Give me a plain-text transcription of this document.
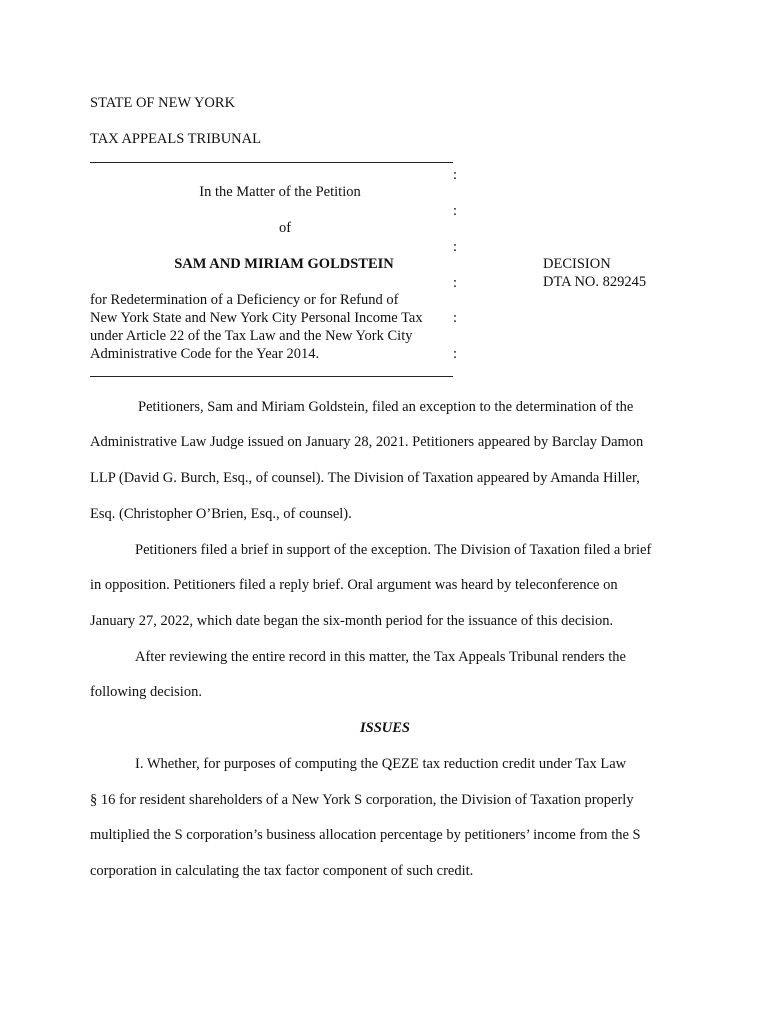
STATE OF NEW YORK
TAX APPEALS TRIBUNAL
:
:
:
:
:
:
In the Matter of the Petition
of
SAM AND MIRIAM GOLDSTEIN
for Redetermination of a Deficiency or for Refund of
New York State and New York City Personal Income Tax
under Article 22 of the Tax Law and the New York City
Administrative Code for the Year 2014.
DECISION
DTA NO. 829245
Petitioners, Sam and Miriam Goldstein, filed an exception to the determination of the
Administrative Law Judge issued on January 28, 2021. Petitioners appeared by Barclay Damon
LLP (David G. Burch, Esq., of counsel). The Division of Taxation appeared by Amanda Hiller,
Esq. (Christopher O’Brien, Esq., of counsel).
Petitioners filed a brief in support of the exception. The Division of Taxation filed a brief
in opposition. Petitioners filed a reply brief. Oral argument was heard by teleconference on
January 27, 2022, which date began the six-month period for the issuance of this decision.
After reviewing the entire record in this matter, the Tax Appeals Tribunal renders the
following decision.
ISSUES
I. Whether, for purposes of computing the QEZE tax reduction credit under Tax Law
§ 16 for resident shareholders of a New York S corporation, the Division of Taxation properly
multiplied the S corporation’s business allocation percentage by petitioners’ income from the S
corporation in calculating the tax factor component of such credit.
